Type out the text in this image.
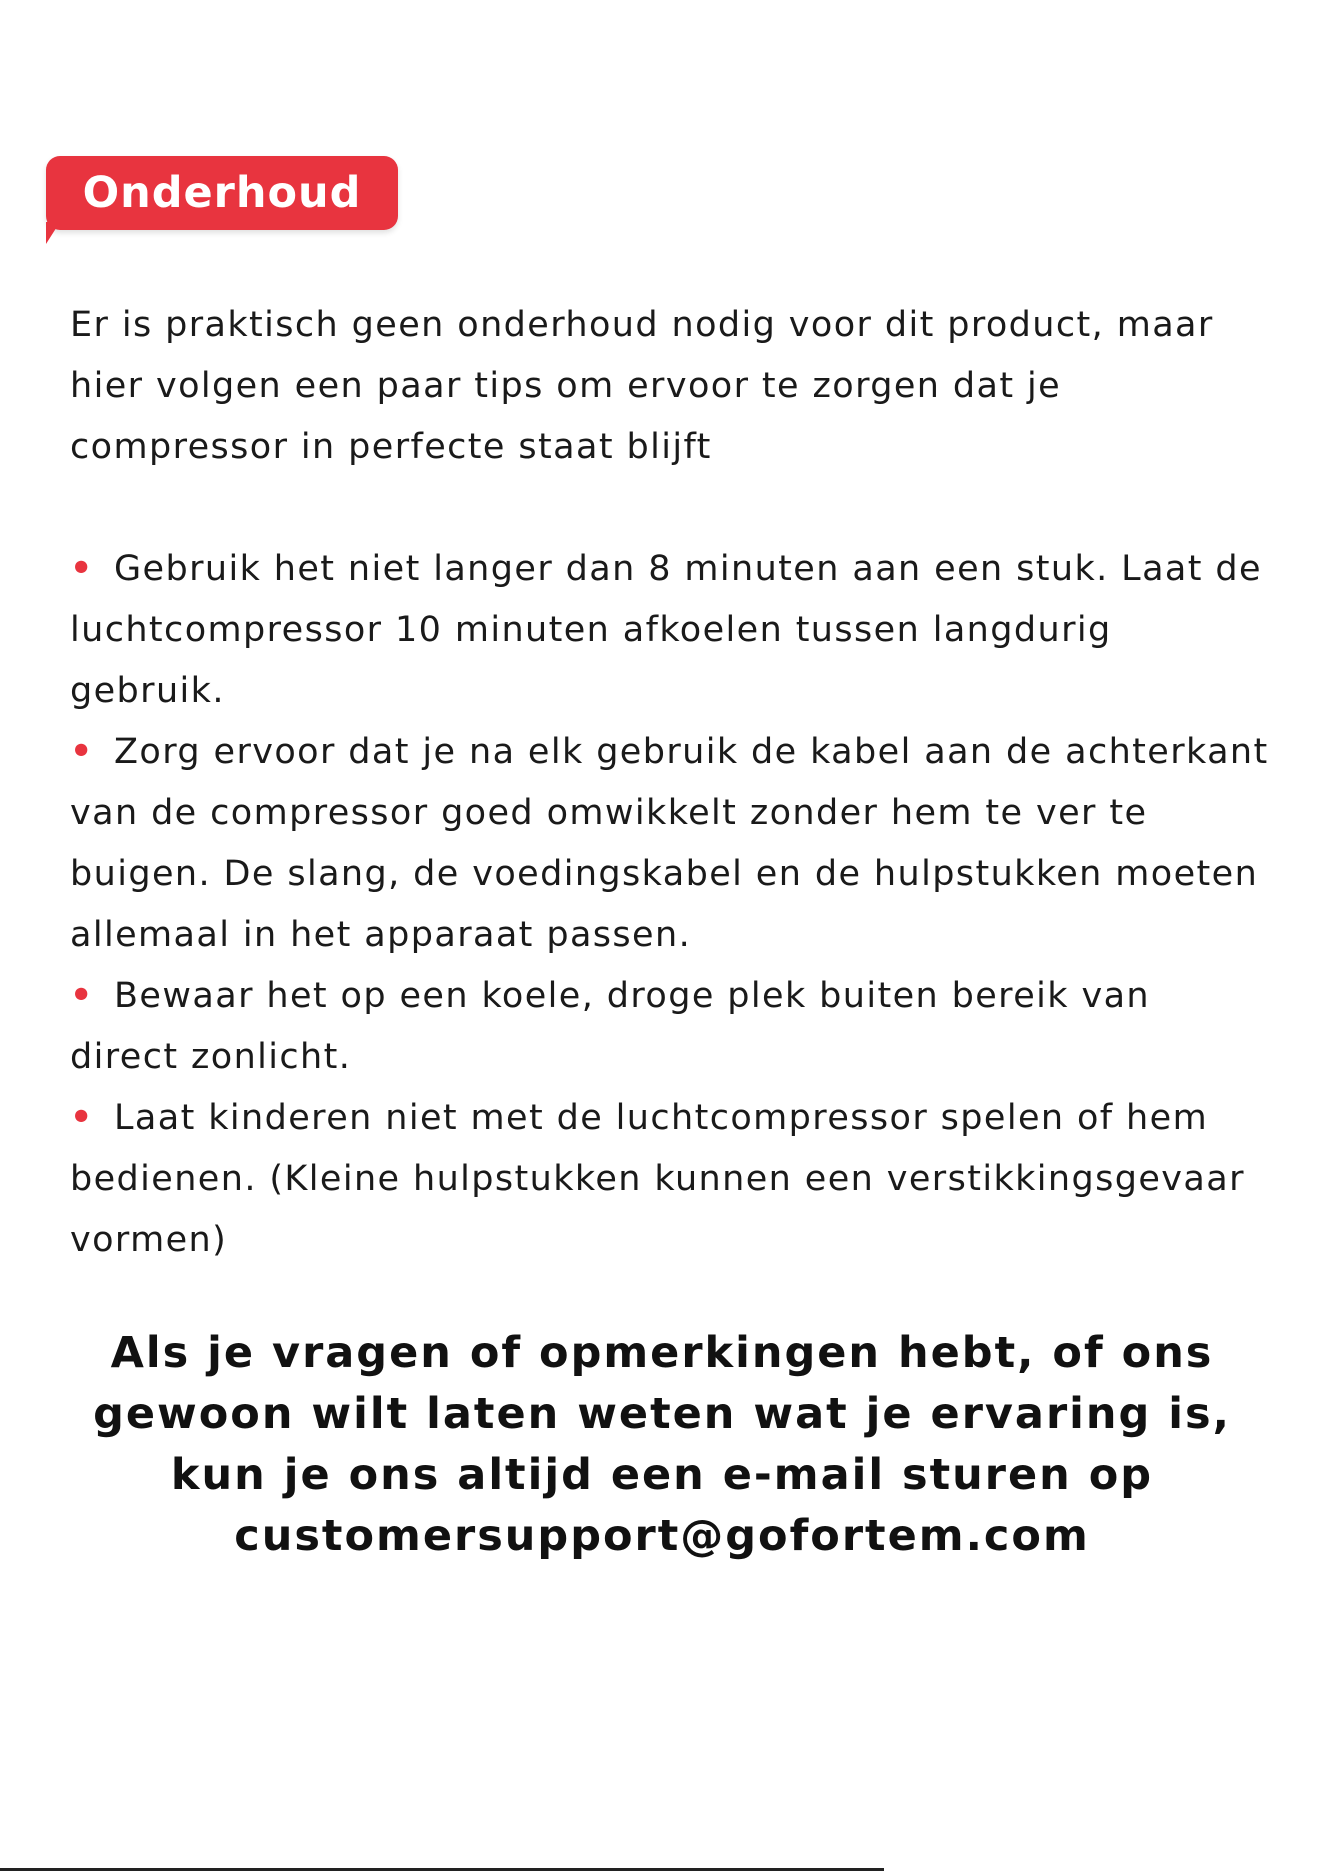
Onderhoud

Er is praktisch geen onderhoud nodig voor dit product, maar hier volgen een paar tips om ervoor te zorgen dat je compressor in perfecte staat blijft

• Gebruik het niet langer dan 8 minuten aan een stuk. Laat de luchtcompressor 10 minuten afkoelen tussen langdurig gebruik.
• Zorg ervoor dat je na elk gebruik de kabel aan de achterkant van de compressor goed omwikkelt zonder hem te ver te buigen. De slang, de voedingskabel en de hulpstukken moeten allemaal in het apparaat passen.
• Bewaar het op een koele, droge plek buiten bereik van direct zonlicht.
• Laat kinderen niet met de luchtcompressor spelen of hem bedienen. (Kleine hulpstukken kunnen een verstikkingsgevaar vormen)
Als je vragen of opmerkingen hebt, of ons gewoon wilt laten weten wat je ervaring is, kun je ons altijd een e-mail sturen op
customersupport@gofortem.com
